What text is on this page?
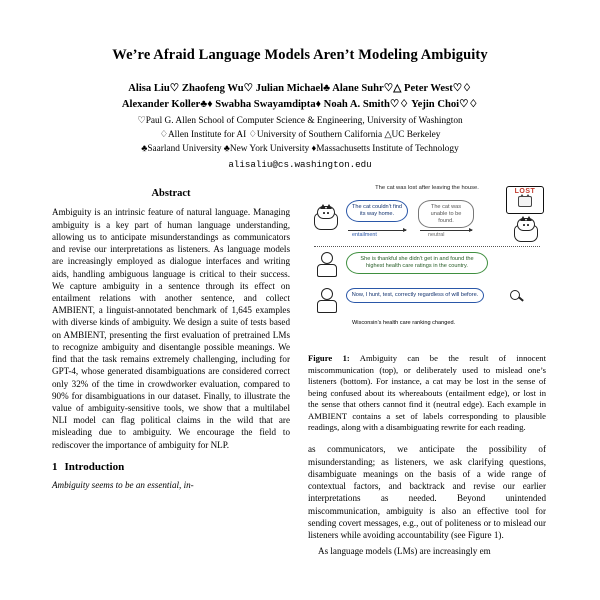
We’re Afraid Language Models Aren’t Modeling Ambiguity
Alisa Liu♡ Zhaofeng Wu♡ Julian Michael♣ Alane Suhr♡△ Peter West♡♢
Alexander Koller♣♦ Swabha Swayamdipta♦ Noah A. Smith♡♢ Yejin Choi♡♢
♡Paul G. Allen School of Computer Science & Engineering, University of Washington
♢Allen Institute for AI ♢University of Southern California △UC Berkeley
♣Saarland University ♣New York University ♦Massachusetts Institute of Technology
alisaliu@cs.washington.edu
Abstract

Ambiguity is an intrinsic feature of natural language. Managing ambiguity is a key part of human language understanding, allowing us to anticipate misunderstandings as communicators and revise our interpretations as listeners. As language models are increasingly employed as dialogue interfaces and writing aids, handling ambiguous language is critical to their success. We capture ambiguity in a sentence through its effect on entailment relations with another sentence, and collect AMBIENT, a linguist-annotated benchmark of 1,645 examples with diverse kinds of ambiguity. We design a suite of tests based on AMBIENT, presenting the first evaluation of pretrained LMs to recognize ambiguity and disentangle possible meanings. We find that the task remains extremely challenging, including for GPT-4, whose generated disambiguations are considered correct only 32% of the time in crowdworker evaluation, compared to 90% for disambiguations in our dataset. Finally, to illustrate the value of ambiguity-sensitive tools, we show that a multilabel NLI model can flag political claims in the wild that are misleading due to ambiguity. We encourage the field to rediscover the importance of ambiguity for NLP.

1 Introduction

Ambiguity seems to be an essential, in-

The cat was lost after leaving the house.	LOST
The cat couldn’t find its way home.
The cat was unable to be found.
entailment	neutral
She is thankful she didn’t get in and found the highest health care ratings in the country.
Now, I hunt, test, correctly regardless of will before.
Wisconsin’s health care ranking changed.
Figure 1: Ambiguity can be the result of innocent miscommunication (top), or deliberately used to mislead one’s listeners (bottom). For instance, a cat may be lost in the sense of being confused about its whereabouts (entailment edge), or lost in the sense that others cannot find it (neutral edge). Each example in AMBIENT contains a set of labels corresponding to plausible readings, along with a disambiguating rewrite for each reading.

as communicators, we anticipate the possibility of misunderstanding; as listeners, we ask clarifying questions, disambiguate meanings on the basis of a wide range of contextual factors, and backtrack and revise our earlier interpretations as needed. Beyond unintended miscommunication, ambiguity is also an effective tool for sending covert messages, e.g., out of politeness or to mislead our listeners while avoiding accountability (see Figure 1).

As language models (LMs) are increasingly em
